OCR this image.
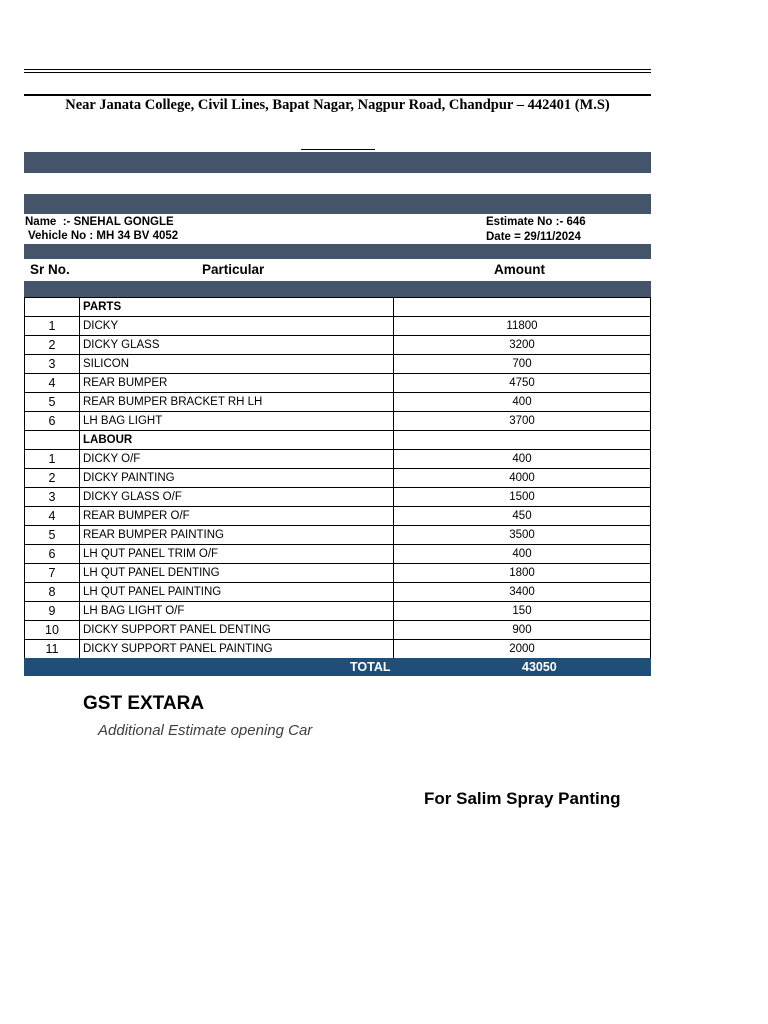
Near Janata College, Civil Lines, Bapat Nagar, Nagpur Road, Chandpur – 442401 (M.S)
Name  :- SNEHAL GONGLE
Vehicle No : MH 34 BV 4052
Estimate No :- 646
Date = 29/11/2024
Sr No.	Particular	Amount
	PARTS	
1	DICKY	11800
2	DICKY GLASS	3200
3	SILICON	700
4	REAR BUMPER	4750
5	REAR BUMPER BRACKET RH LH	400
6	LH BAG LIGHT	3700
	LABOUR	
1	DICKY O/F	400
2	DICKY PAINTING	4000
3	DICKY GLASS O/F	1500
4	REAR BUMPER O/F	450
5	REAR BUMPER PAINTING	3500
6	LH QUT PANEL TRIM O/F	400
7	LH QUT PANEL DENTING	1800
8	LH QUT PANEL PAINTING	3400
9	LH BAG LIGHT O/F	150
10	DICKY SUPPORT PANEL DENTING	900
11	DICKY SUPPORT PANEL PAINTING	2000
TOTAL	43050
GST EXTARA
Additional Estimate opening Car
For Salim Spray Panting
